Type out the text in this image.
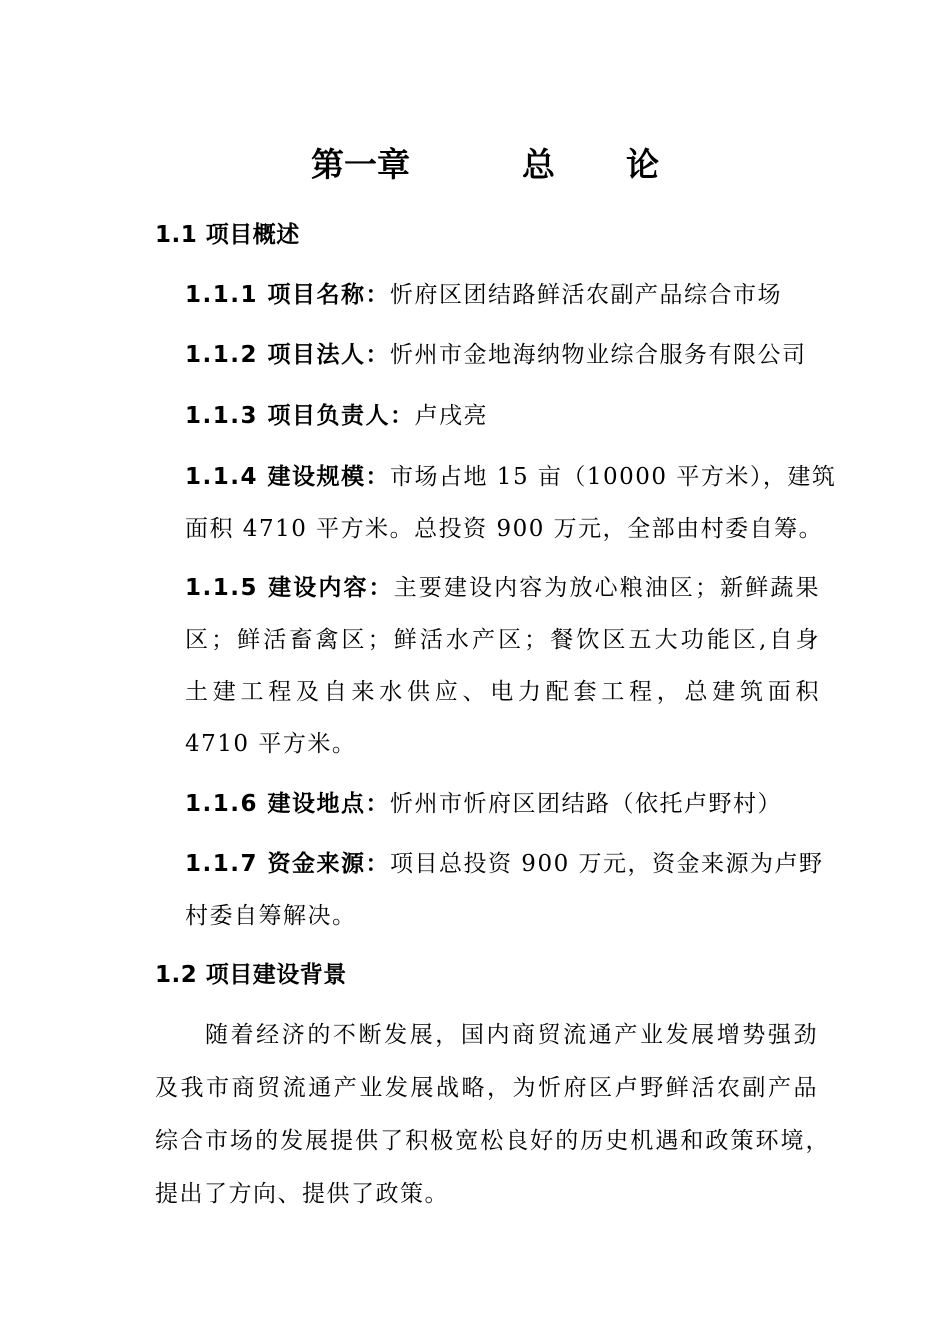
第一章	总 论
1.1 项目概述
1.1.1 项目名称：忻府区团结路鲜活农副产品综合市场
1.1.2 项目法人：忻州市金地海纳物业综合服务有限公司
1.1.3 项目负责人：卢戌亮
1.1.4 建设规模：市场占地 15 亩（10000 平方米），建筑
面积 4710 平方米。总投资 900 万元，全部由村委自筹。
1.1.5 建设内容：主要建设内容为放心粮油区；新鲜蔬果
区；鲜活畜禽区；鲜活水产区；餐饮区五大功能区,自身
土建工程及自来水供应、电力配套工程，总建筑面积
4710 平方米。
1.1.6 建设地点：忻州市忻府区团结路（依托卢野村）
1.1.7 资金来源：项目总投资 900 万元，资金来源为卢野
村委自筹解决。
1.2 项目建设背景
随着经济的不断发展，国内商贸流通产业发展增势强劲
及我市商贸流通产业发展战略，为忻府区卢野鲜活农副产品
综合市场的发展提供了积极宽松良好的历史机遇和政策环境，
提出了方向、提供了政策。
